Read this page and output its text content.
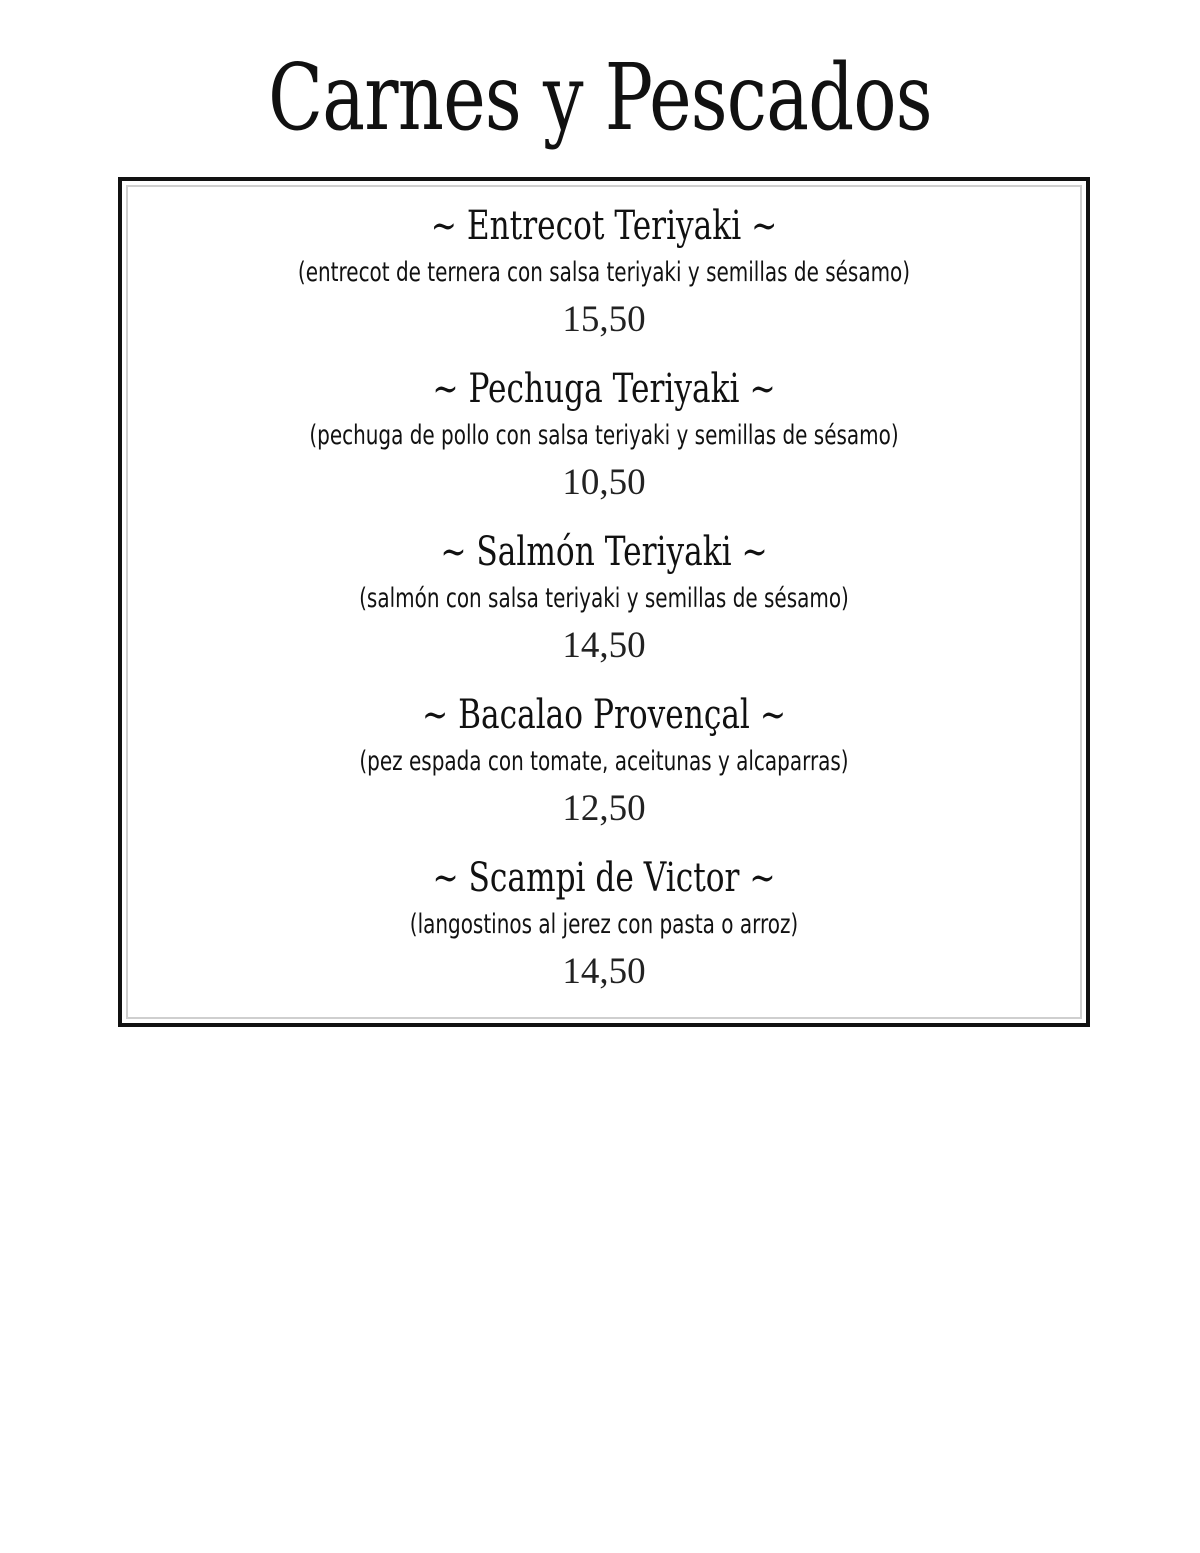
Carnes y Pescados
~ Entrecot Teriyaki ~
(entrecot de ternera con salsa teriyaki y semillas de sésamo)
15,50
~ Pechuga Teriyaki ~
(pechuga de pollo con salsa teriyaki y semillas de sésamo)
10,50
~ Salmón Teriyaki ~
(salmón con salsa teriyaki y semillas de sésamo)
14,50
~ Bacalao Provençal ~
(pez espada con tomate, aceitunas y alcaparras)
12,50
~ Scampi de Victor ~
(langostinos al jerez con pasta o arroz)
14,50
